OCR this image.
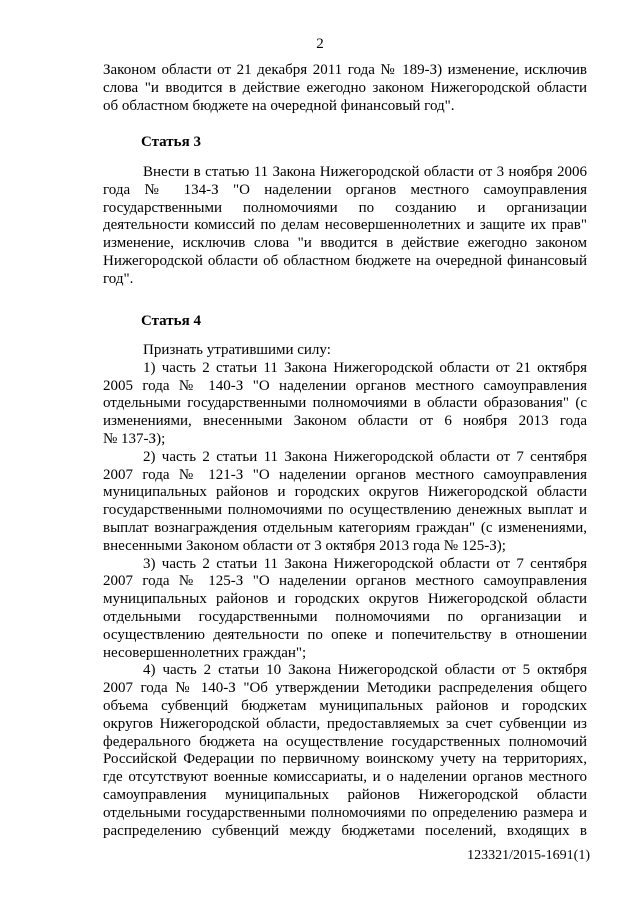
2
Законом области от 21 декабря 2011 года № 189-З) изменение, исключив
слова "и вводится в действие ежегодно законом Нижегородской области
об областном бюджете на очередной финансовый год".
Статья 3
Внести в статью 11 Закона Нижегородской области от 3 ноября 2006
года № 134-З "О наделении органов местного самоуправления
государственными полномочиями по созданию и организации
деятельности комиссий по делам несовершеннолетних и защите их прав"
изменение, исключив слова "и вводится в действие ежегодно законом
Нижегородской области об областном бюджете на очередной финансовый
год".
Статья 4
Признать утратившими силу:
1) часть 2 статьи 11 Закона Нижегородской области от 21 октября
2005 года № 140-З "О наделении органов местного самоуправления
отдельными государственными полномочиями в области образования" (с
изменениями, внесенными Законом области от 6 ноября 2013 года
№ 137-З);
2) часть 2 статьи 11 Закона Нижегородской области от 7 сентября
2007 года № 121-З "О наделении органов местного самоуправления
муниципальных районов и городских округов Нижегородской области
государственными полномочиями по осуществлению денежных выплат и
выплат вознаграждения отдельным категориям граждан" (с изменениями,
внесенными Законом области от 3 октября 2013 года № 125-З);
3) часть 2 статьи 11 Закона Нижегородской области от 7 сентября
2007 года № 125-З "О наделении органов местного самоуправления
муниципальных районов и городских округов Нижегородской области
отдельными государственными полномочиями по организации и
осуществлению деятельности по опеке и попечительству в отношении
несовершеннолетних граждан";
4) часть 2 статьи 10 Закона Нижегородской области от 5 октября
2007 года № 140-З "Об утверждении Методики распределения общего
объема субвенций бюджетам муниципальных районов и городских
округов Нижегородской области, предоставляемых за счет субвенции из
федерального бюджета на осуществление государственных полномочий
Российской Федерации по первичному воинскому учету на территориях,
где отсутствуют военные комиссариаты, и о наделении органов местного
самоуправления муниципальных районов Нижегородской области
отдельными государственными полномочиями по определению размера и
распределению субвенций между бюджетами поселений, входящих в
123321/2015-1691(1)
